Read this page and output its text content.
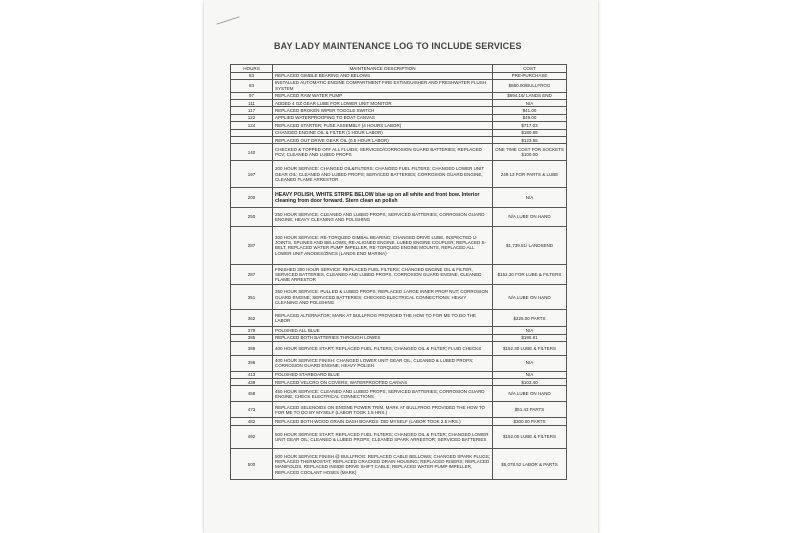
BAY LADY MAINTENANCE LOG TO INCLUDE SERVICES
HOURS	MAINTENANCE DESCRIPTION	COST
83	REPLACED GIMBLE BEARING AND BELOWS	PRE-PURCHASE
83	INSTALLED AUTOMATIC ENGINE COMPARTMENT FIRE EXTINGUISHER AND FRESHWATER FLUSH SYSTEM	$860.00/BULLFROG
97	REPLACED RAW WATER PUMP	$694.16/ LANDS END
111	ADDED 4 OZ GEAR LUBE FOR LOWER UNIT MONITOR	N/A
117	REPLACED BROKEN WIPER TOGGLE SWITCH	$41.00
122	APPLIED WATERPROOFING TO BOAT CANVAS	$49.00
124	REPLACED STARTER; FUSE ASSEMBLY (4 HOURS LABOR)	$717.03
	CHANGED ENGINE OIL & FILTER (1 HOUR LABOR)	$180.89
	REPLACED OUT DRIVE GEAR OIL (0.5 HOUR LABOR)	$123.55
140	CHECKED & TOPPED OFF ALL FLUIDS; SERVICED/CORROSION GUARD BATTERIES; REPLACED PCV; CLEANED AND LUBED PROPS	ONE TIME COST FOR SOCKETS $100.00
197	200 HOUR SERVICE: CHANGED OIL&FILTERS; CHANGED FUEL FILTERS; CHANGED LOWER UNIT GEAR OIL; CLEANED AND LUBED PROPS; SERVICED BATTERIES; CORROSION GUARD ENGINE, CLEANED FLAME ARRESTOR	249.13 FOR PARTS & LUBE
200	HEAVY POLISH, WHITE STRIPE BELOW blue up on all white and front bow. Interior cleaning from door forward. Stern clean an polish	N/A
250	250 HOUR SERVICE: CLEANED AND LUBED PROPS; SERVICED BATTERIES; CORROSION GUARD ENGINE; HEAVY CLEANING AND POLISHING	N/A LUBE ON HAND
287	300 HOUR SERVICE: RE-TORQUED GIMBAL BEARING; CHANGED DRIVE LUBE, INSPECTED U-JOINTS, SPLINES AND BELLOWS; RE-ALIGNED ENGINE, LUBED ENGINE COUPLER; REPLACED S-BELT, REPLACED WATER PUMP IMPELLER, RE-TORQUED ENGINE MOUNTS, REPLACED ALL LOWER UNIT ANODES/ZINCS (LANDS END MARINA)	$1,739.51/ LANDSEND
287	FINISHED 300 HOUR SERVICE: REPLACED FUEL FILTERS; CHANGED ENGINE OIL & FILTER, SERVICED BATTERIES, CLEANED AND LUBED PROPS, CORROSION GUARD ENGINE, CLEANED FLAME ARRESTOR	$152.30 FOR LUBE & FILTERS
351	350 HOUR SERVICE: PULLED & LUBED PROPS; REPLACED LARGE INNER PROP NUT; CORROSION GUARD ENGINE; SERVICED BATTERIES; CHECKED ELECTRICAL CONNECTIONS; HEAVY CLEANING AND POLISHING	N/A LUBE ON HAND
362	REPLACED ALTERNATOR; MARK AT BULLFROG PROVIDED THE HOW TO FOR ME TO DO THE LABOR	$225.00 PARTS
379	POLISHED ALL BLUE	N/A
385	REPLACED BOTH BATTERIES THROUGH LOWES	$195.81
388	400 HOUR SERVICE START: REPLACED FUEL FILTERS; CHANGED OIL & FILTER; FLUID CHECKS	$152.30 LUBE & FILTERS
396	400 HOUR SERVICE FINISH: CHANGED LOWER UNIT GEAR OIL, CLEANED & LUBED PROPS; CORROSION GUARD ENGINE; HEAVY POLISH	N/A
413	POLISHED STARBOARD BLUE	N/A
438	REPLACED VELCRO ON COVERS; WATERPROOFED CANVAS	$103.40
458	450 HOUR SERVICE: CLEANED AND LUBED PROPS; SERVICED BATTERIES; CORROSION GUARD ENGINE; CHECK ELECTRICAL CONNECTIONS	N/A LUBE ON HAND
473	REPLACED SELENOIDS ON ENGINE POWER TRIM. MARK AT BULLFROG PROVIDED THE HOW TO FOR ME TO DO BY MYSELF (LABOR TOOK 1.5 HRS.)	$51.43 PARTS
482	REPLACED BOTH WOOD GRAIN DASH BOARDS. DID MYSELF (LABOR TOOK 2.5 HRS.)	$300.00 PARTS
492	500 HOUR SERVICE START: REPLACED FUEL FILTERS; CHANGED OIL & FILTER; CHANGED LOWER UNIT GEAR OIL; CLEANED & LUBED PROPS; CLEANED SPARK ARRESTOR; SERVICED BATTERIES	$152.00 LUBE & FILTERS
500	500 HOUR SERVICE FINISH @ BULLFROG: REPLACED CABLE BELLOWS; CHANGED SPARK PLUGS; REPLACED THERMOSTAT; REPLACED CRACKED DRAIN HOUSING; REPLACED RISERS; REPLACED MANIFOLDS, REPLACED INSIDE DRIVE SHIFT CABLE; REPLACED WATER PUMP IMPELLER, REPLACED COOLANT HOSES (MARK)	$5,078.52 LABOR & PARTS
